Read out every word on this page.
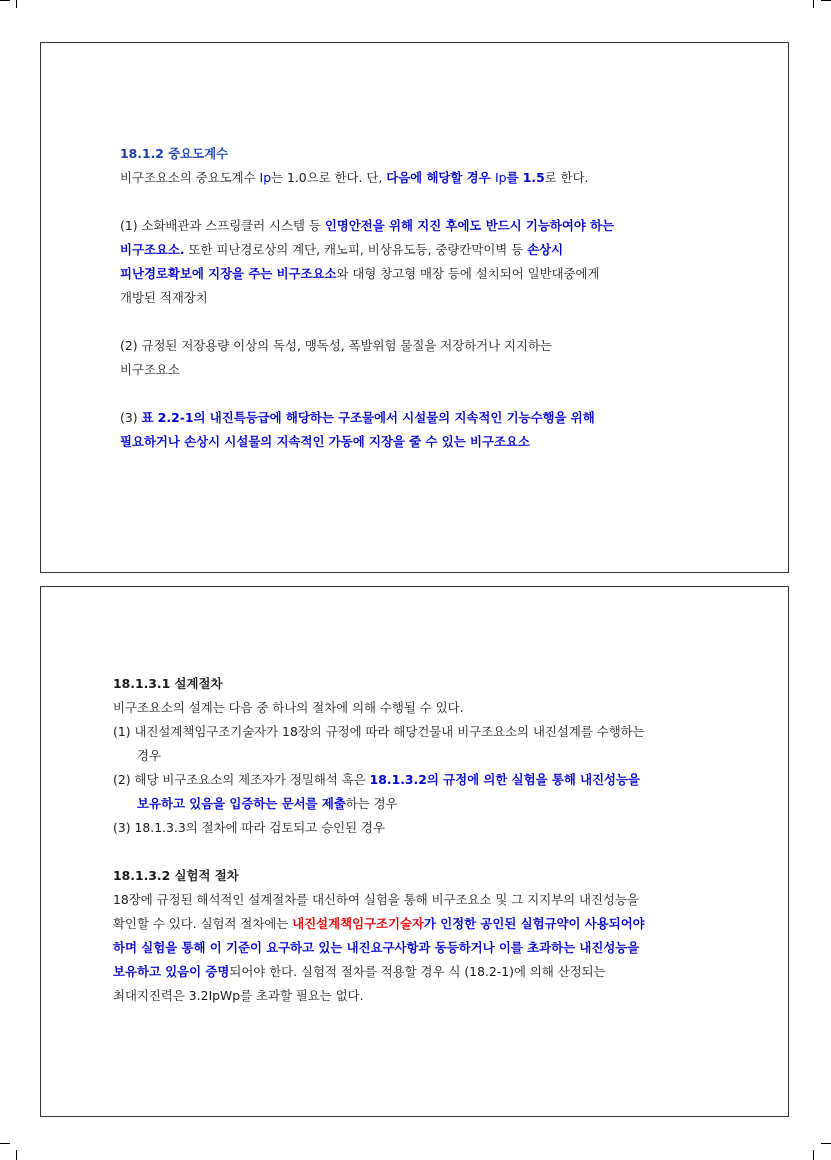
18.1.2 중요도계수
비구조요소의 중요도계수 Ip는 1.0으로 한다. 단, 다음에 해당할 경우 Ip를 1.5로 한다.
(1) 소화배관과 스프링클러 시스템 등 인명안전을 위해 지진 후에도 반드시 기능하여야 하는
비구조요소. 또한 피난경로상의 계단, 캐노피, 비상유도등, 중량칸막이벽 등 손상시
피난경로확보에 지장을 주는 비구조요소와 대형 창고형 매장 등에 설치되어 일반대중에게
개방된 적재장치
(2) 규정된 저장용량 이상의 독성, 맹독성, 폭발위험 물질을 저장하거나 지지하는
비구조요소
(3) 표 2.2-1의 내진특등급에 해당하는 구조물에서 시설물의 지속적인 기능수행을 위해
필요하거나 손상시 시설물의 지속적인 가동에 지장을 줄 수 있는 비구조요소
18.1.3.1 설계절차
비구조요소의 설계는 다음 중 하나의 절차에 의해 수행될 수 있다.
(1) 내진설계책임구조기술자가 18장의 규정에 따라 해당건물내 비구조요소의 내진설계를 수행하는
경우
(2) 해당 비구조요소의 제조자가 정밀해석 혹은 18.1.3.2의 규정에 의한 실험을 통해 내진성능을
보유하고 있음을 입증하는 문서를 제출하는 경우
(3) 18.1.3.3의 절차에 따라 검토되고 승인된 경우
18.1.3.2 실험적 절차
18장에 규정된 해석적인 설계절차를 대신하여 실험을 통해 비구조요소 및 그 지지부의 내진성능을
확인할 수 있다. 실험적 절차에는 내진설계책임구조기술자가 인정한 공인된 실험규약이 사용되어야
하며 실험을 통해 이 기준이 요구하고 있는 내진요구사항과 동등하거나 이를 초과하는 내진성능을
보유하고 있음이 증명되어야 한다. 실험적 절차를 적용할 경우 식 (18.2-1)에 의해 산정되는
최대지진력은 3.2IpWp를 초과할 필요는 없다.
